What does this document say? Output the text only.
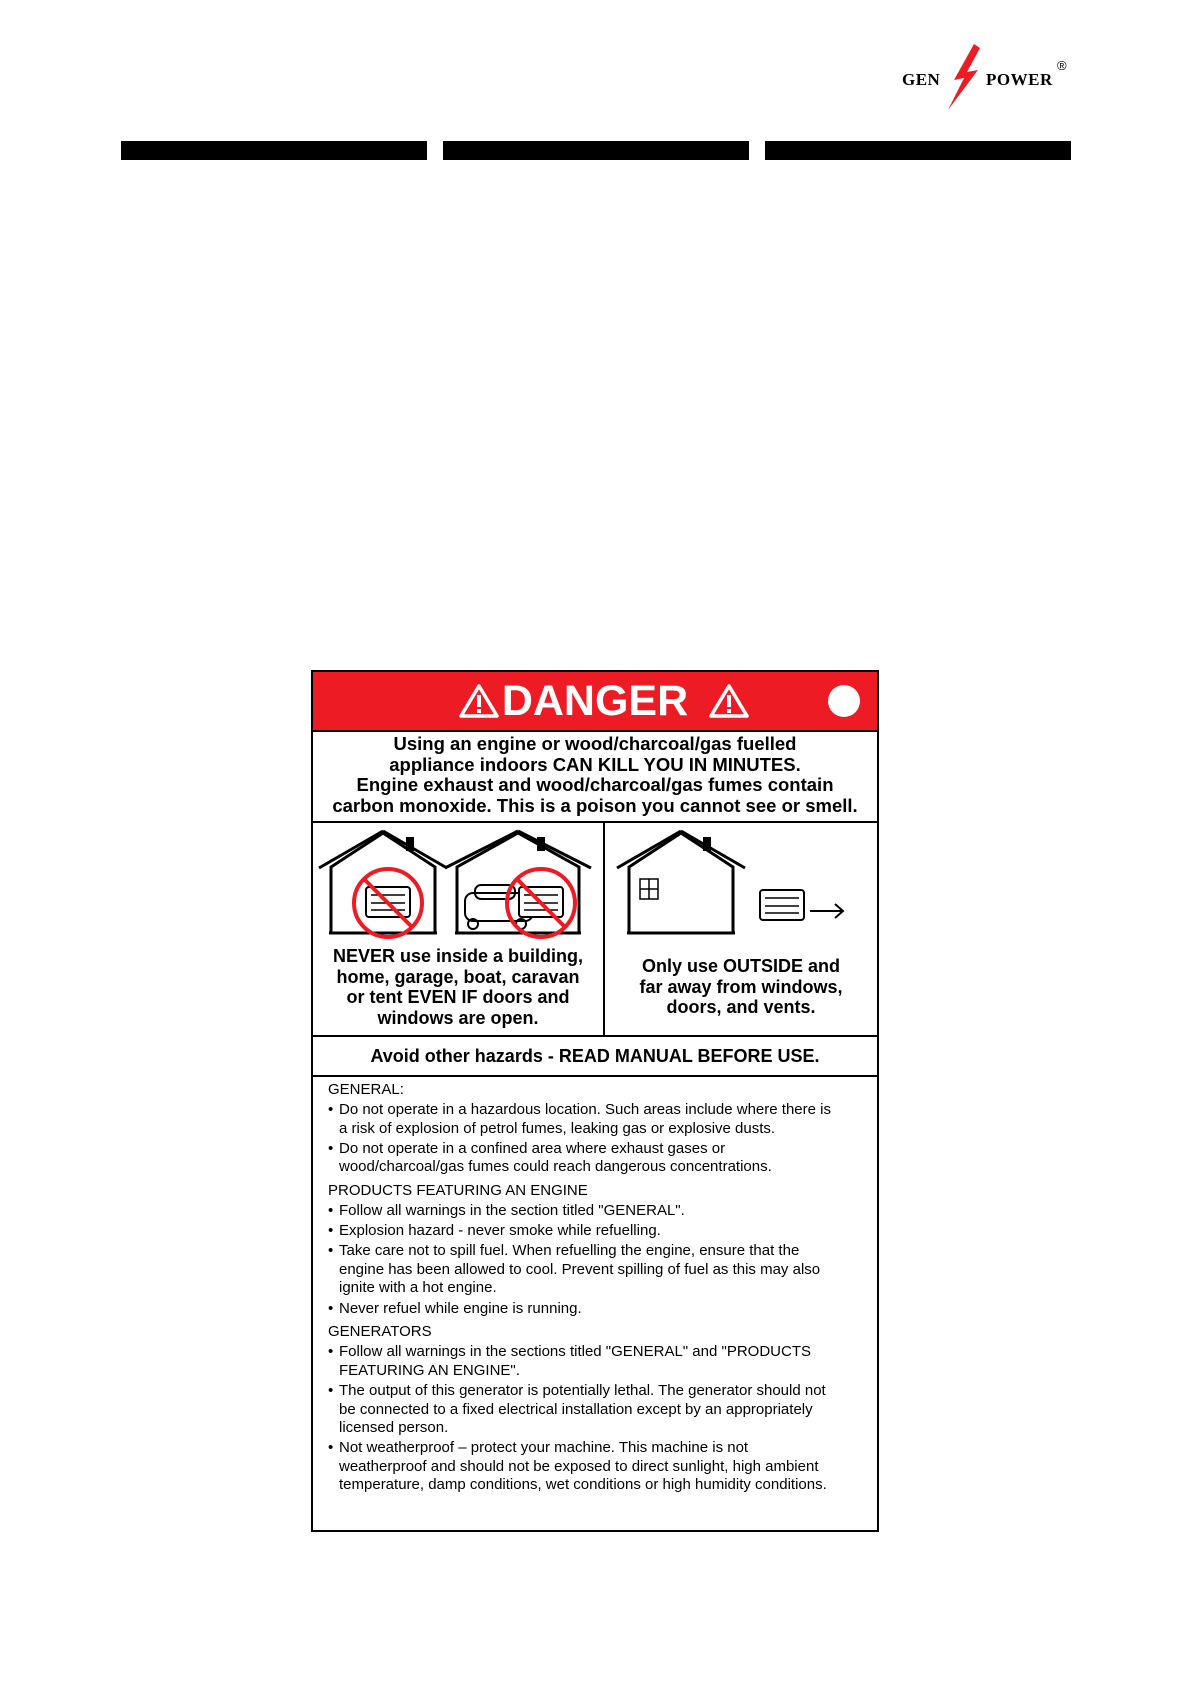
GEN	POWER
®
DANGER
Using an engine or wood/charcoal/gas fuelled
appliance indoors CAN KILL YOU IN MINUTES.
Engine exhaust and wood/charcoal/gas fumes contain
carbon monoxide. This is a poison you cannot see or smell.
NEVER use inside a building,
home, garage, boat, caravan
or tent EVEN IF doors and
windows are open.
Only use OUTSIDE and
far away from windows,
doors, and vents.
Avoid other hazards - READ MANUAL BEFORE USE.
GENERAL:
• Do not operate in a hazardous location. Such areas include where there is
a risk of explosion of petrol fumes, leaking gas or explosive dusts.
• Do not operate in a confined area where exhaust gases or
wood/charcoal/gas fumes could reach dangerous concentrations.
PRODUCTS FEATURING AN ENGINE
• Follow all warnings in the section titled "GENERAL".
• Explosion hazard - never smoke while refuelling.
• Take care not to spill fuel. When refuelling the engine, ensure that the
engine has been allowed to cool. Prevent spilling of fuel as this may also
ignite with a hot engine.
• Never refuel while engine is running.
GENERATORS
• Follow all warnings in the sections titled "GENERAL" and "PRODUCTS
FEATURING AN ENGINE".
• The output of this generator is potentially lethal. The generator should not
be connected to a fixed electrical installation except by an appropriately
licensed person.
• Not weatherproof – protect your machine. This machine is not
weatherproof and should not be exposed to direct sunlight, high ambient
temperature, damp conditions, wet conditions or high humidity conditions.
